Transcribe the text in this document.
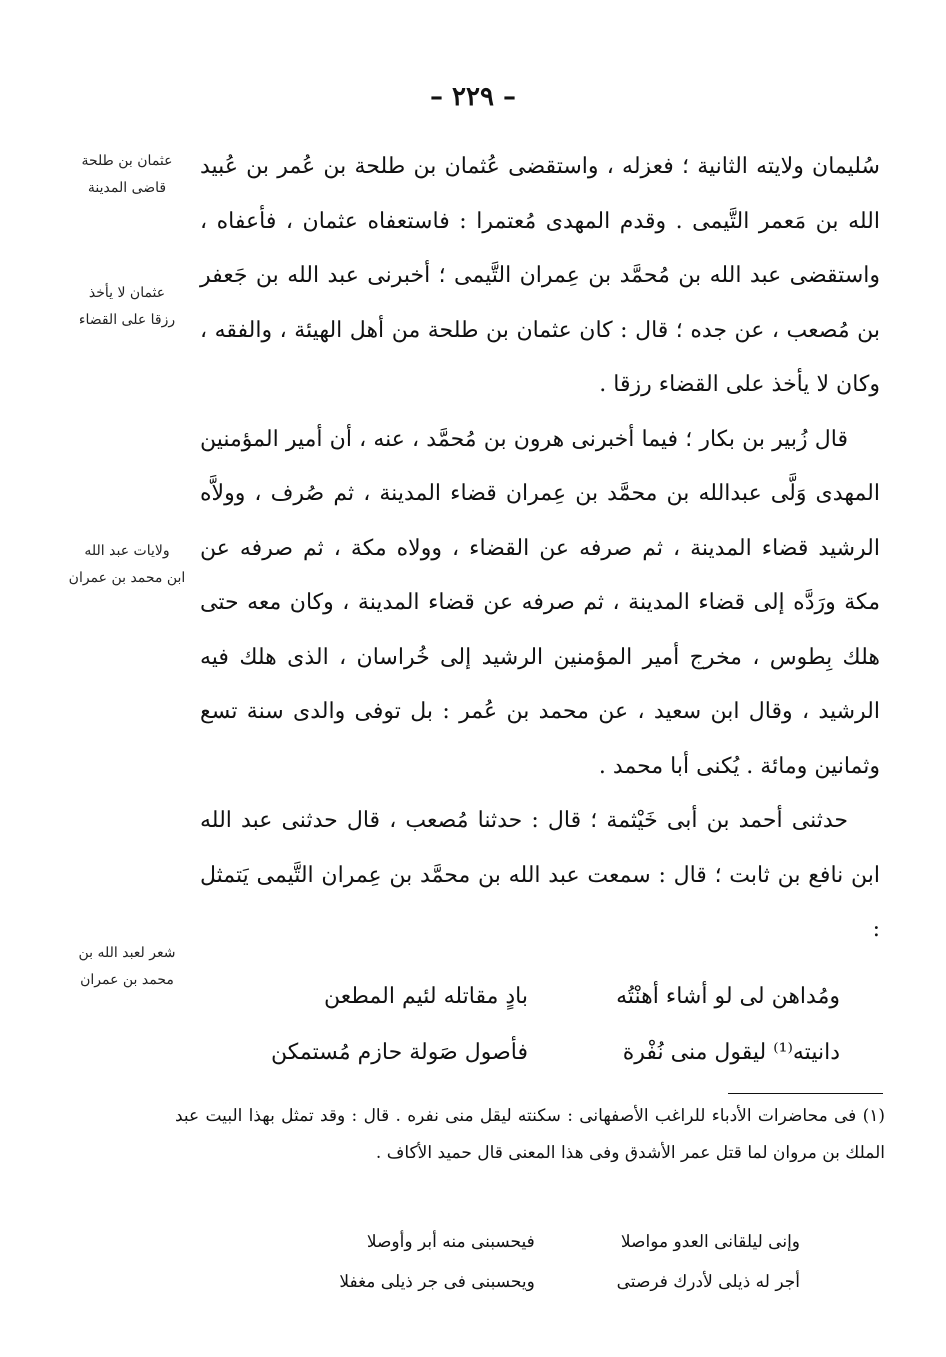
– ٢٢٩ –
عثمان بن طلحة
قاضى المدينة
عثمان لا يأخذ
رزقا على القضاء
ولايات عبد الله
ابن محمد بن عمران
شعر لعبد الله بن
محمد بن عمران

سُليمان ولايته الثانية ؛ فعزله ، واستقضى عُثمان بن طلحة بن عُمر بن عُبيد الله بن مَعمر التَّيمى . وقدم المهدى مُعتمرا : فاستعفاه عثمان ، فأعفاه ، واستقضى عبد الله بن مُحمَّد بن عِمران التَّيمى ؛ أخبرنى عبد الله بن جَعفر بن مُصعب ، عن جده ؛ قال : كان عثمان بن طلحة من أهل الهيئة ، والفقه ، وكان لا يأخذ على القضاء رزقا .

قال زُبير بن بكار ؛ فيما أخبرنى هرون بن مُحمَّد ، عنه ، أن أمير المؤمنين المهدى وَلَّى عبدالله بن محمَّد بن عِمران قضاء المدينة ، ثم صُرف ، وولاَّه الرشيد قضاء المدينة ، ثم صرفه عن القضاء ، وولاه مكة ، ثم صرفه عن مكة ورَدَّه إلى قضاء المدينة ، ثم صرفه عن قضاء المدينة ، وكان معه حتى هلك بِطوس ، مخرج أمير المؤمنين الرشيد إلى خُراسان ، الذى هلك فيه الرشيد ، وقال ابن سعيد ، عن محمد بن عُمر : بل توفى والدى سنة تسع وثمانين ومائة . يُكنى أبا محمد .

حدثنى أحمد بن أبى خَيْثمة ؛ قال : حدثنا مُصعب ، قال حدثنى عبد الله ابن نافع بن ثابت ؛ قال : سمعت عبد الله بن محمَّد بن عِمران التَّيمى يَتمثل :

ومُداهن لى لو أشاء أهنْتُه
بادٍ مقاتله لئيم المطعن
دانيته⁽¹⁾ ليقول منى نُفْرة
فأصول صَولة حازم مُستمكن

(١) فى محاضرات الأدباء للراغب الأصفهانى : سكنته ليقل منى نفره . قال : وقد تمثل بهذا البيت عبد الملك بن مروان لما قتل عمر الأشدق وفى هذا المعنى قال حميد الأكاف .

وإنى ليلقانى العدو مواصلا
فيحسبنى منه أبر وأوصلا
أجر له ذيلى لأدرك فرصتى
ويحسبنى فى جر ذيلى مغفلا
